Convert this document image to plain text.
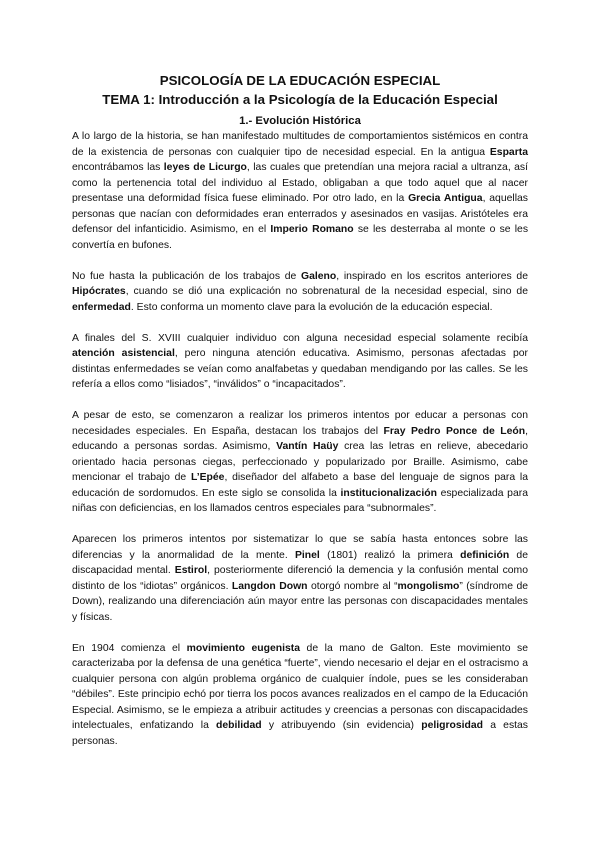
PSICOLOGÍA DE LA EDUCACIÓN ESPECIAL
TEMA 1: Introducción a la Psicología de la Educación Especial
1.- Evolución Histórica

A lo largo de la historia, se han manifestado multitudes de comportamientos sistémicos en contra de la existencia de personas con cualquier tipo de necesidad especial. En la antigua Esparta encontrábamos las leyes de Licurgo, las cuales que pretendían una mejora racial a ultranza, así como la pertenencia total del individuo al Estado, obligaban a que todo aquel que al nacer presentase una deformidad física fuese eliminado. Por otro lado, en la Grecia Antigua, aquellas personas que nacían con deformidades eran enterrados y asesinados en vasijas. Aristóteles era defensor del infanticidio. Asimismo, en el Imperio Romano se les desterraba al monte o se les convertía en bufones.

No fue hasta la publicación de los trabajos de Galeno, inspirado en los escritos anteriores de Hipócrates, cuando se dió una explicación no sobrenatural de la necesidad especial, sino de enfermedad. Esto conforma un momento clave para la evolución de la educación especial.

A finales del S. XVIII cualquier individuo con alguna necesidad especial solamente recibía atención asistencial, pero ninguna atención educativa. Asimismo, personas afectadas por distintas enfermedades se veían como analfabetas y quedaban mendigando por las calles. Se les refería a ellos como “lisiados”, “inválidos” o “incapacitados”.

A pesar de esto, se comenzaron a realizar los primeros intentos por educar a personas con necesidades especiales. En España, destacan los trabajos del Fray Pedro Ponce de León, educando a personas sordas. Asimismo, Vantín Haüy crea las letras en relieve, abecedario orientado hacia personas ciegas, perfeccionado y popularizado por Braille. Asimismo, cabe mencionar el trabajo de L’Epée, diseñador del alfabeto a base del lenguaje de signos para la educación de sordomudos. En este siglo se consolida la institucionalización especializada para niñas con deficiencias, en los llamados centros especiales para “subnormales”.

Aparecen los primeros intentos por sistematizar lo que se sabía hasta entonces sobre las diferencias y la anormalidad de la mente. Pinel (1801) realizó la primera definición de discapacidad mental. Estirol, posteriormente diferenció la demencia y la confusión mental como distinto de los “idiotas” orgánicos. Langdon Down otorgó nombre al “mongolismo” (síndrome de Down), realizando una diferenciación aún mayor entre las personas con discapacidades mentales y físicas.

En 1904 comienza el movimiento eugenista de la mano de Galton. Este movimiento se caracterizaba por la defensa de una genética “fuerte”, viendo necesario el dejar en el ostracismo a cualquier persona con algún problema orgánico de cualquier índole, pues se les consideraban “débiles”. Este principio echó por tierra los pocos avances realizados en el campo de la Educación Especial. Asimismo, se le empieza a atribuir actitudes y creencias a personas con discapacidades intelectuales, enfatizando la debilidad y atribuyendo (sin evidencia) peligrosidad a estas personas.
